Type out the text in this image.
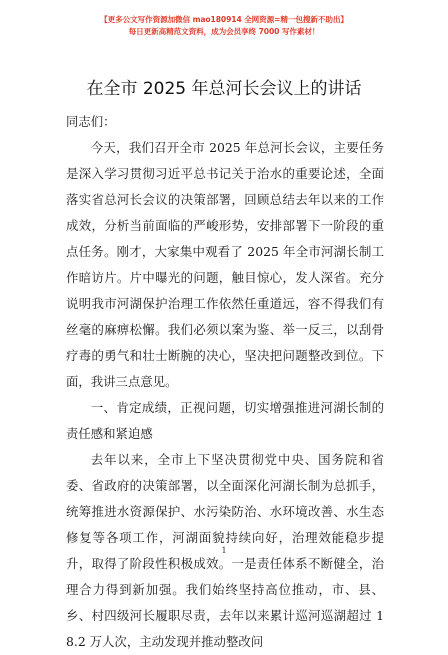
【更多公文写作资源加微信 mao180914 全网资源=精一包搜新不助出】
每日更新高精范文资料，成为会员享终 7000 写作素材！
在全市 2025 年总河长会议上的讲话

同志们：

今天，我们召开全市 2025 年总河长会议，主要任务是深入学习贯彻习近平总书记关于治水的重要论述，全面落实省总河长会议的决策部署，回顾总结去年以来的工作成效，分析当前面临的严峻形势，安排部署下一阶段的重点任务。刚才，大家集中观看了 2025 年全市河湖长制工作暗访片。片中曝光的问题，触目惊心，发人深省。充分说明我市河湖保护治理工作依然任重道远，容不得我们有丝毫的麻痹松懈。我们必须以案为鉴、举一反三，以刮骨疗毒的勇气和壮士断腕的决心，坚决把问题整改到位。下面，我讲三点意见。

一、肯定成绩，正视问题，切实增强推进河湖长制的责任感和紧迫感

去年以来，全市上下坚决贯彻党中央、国务院和省委、省政府的决策部署，以全面深化河湖长制为总抓手，统筹推进水资源保护、水污染防治、水环境改善、水生态修复等各项工作，河湖面貌持续向好，治理效能稳步提升，取得了阶段性积极成效。一是责任体系不断健全，治理合力得到新加强。我们始终坚持高位推动，市、县、乡、村四级河长履职尽责，去年以来累计巡河巡湖超过 18.2 万人次，主动发现并推动整改问

1
